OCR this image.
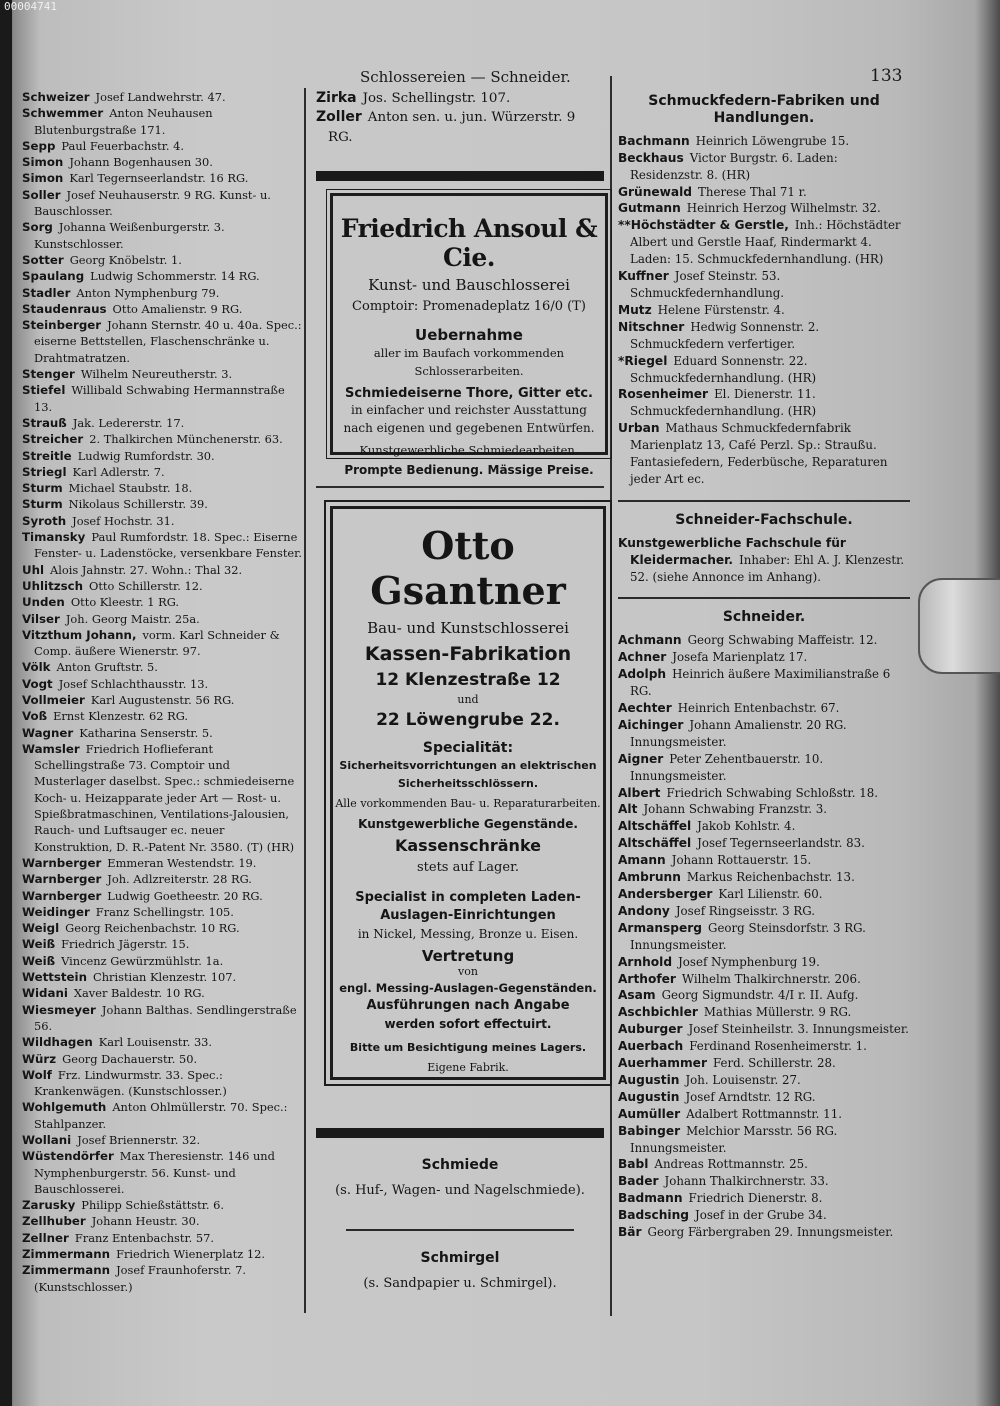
00004741
Schlossereien — Schneider.	133
Schweizer Josef Landwehrstr. 47.
Schwemmer Anton Neuhausen Blutenburgstraße 171.
Sepp Paul Feuerbachstr. 4.
Simon Johann Bogenhausen 30.
Simon Karl Tegernseerlandstr. 16 RG.
Soller Josef Neuhauserstr. 9 RG. Kunst- u. Bauschlosser.
Sorg Johanna Weißenburgerstr. 3. Kunstschlosser.
Sotter Georg Knöbelstr. 1.
Spaulang Ludwig Schommerstr. 14 RG.
Stadler Anton Nymphenburg 79.
Staudenraus Otto Amalienstr. 9 RG.
Steinberger Johann Sternstr. 40 u. 40a. Spec.: eiserne Bettstellen, Flaschenschränke u. Drahtmatratzen.
Stenger Wilhelm Neureutherstr. 3.
Stiefel Willibald Schwabing Hermannstraße 13.
Strauß Jak. Ledererstr. 17.
Streicher 2. Thalkirchen Münchenerstr. 63.
Streitle Ludwig Rumfordstr. 30.
Striegl Karl Adlerstr. 7.
Sturm Michael Staubstr. 18.
Sturm Nikolaus Schillerstr. 39.
Syroth Josef Hochstr. 31.
Timansky Paul Rumfordstr. 18. Spec.: Eiserne Fenster- u. Ladenstöcke, versenkbare Fenster.
Uhl Alois Jahnstr. 27. Wohn.: Thal 32.
Uhlitzsch Otto Schillerstr. 12.
Unden Otto Kleestr. 1 RG.
Vilser Joh. Georg Maistr. 25a.
Vitzthum Johann, vorm. Karl Schneider & Comp. äußere Wienerstr. 97.
Völk Anton Gruftstr. 5.
Vogt Josef Schlachthausstr. 13.
Vollmeier Karl Augustenstr. 56 RG.
Voß Ernst Klenzestr. 62 RG.
Wagner Katharina Senserstr. 5.
Wamsler Friedrich Hoflieferant Schellingstraße 73. Comptoir und Musterlager daselbst. Spec.: schmiedeiserne Koch- u. Heizapparate jeder Art — Rost- u. Spießbratmaschinen, Ventilations-Jalousien, Rauch- und Luftsauger ec. neuer Konstruktion, D. R.-Patent Nr. 3580. (T) (HR)
Warnberger Emmeran Westendstr. 19.
Warnberger Joh. Adlzreiterstr. 28 RG.
Warnberger Ludwig Goetheestr. 20 RG.
Weidinger Franz Schellingstr. 105.
Weigl Georg Reichenbachstr. 10 RG.
Weiß Friedrich Jägerstr. 15.
Weiß Vincenz Gewürzmühlstr. 1a.
Wettstein Christian Klenzestr. 107.
Widani Xaver Baldestr. 10 RG.
Wiesmeyer Johann Balthas. Sendlingerstraße 56.
Wildhagen Karl Louisenstr. 33.
Würz Georg Dachauerstr. 50.
Wolf Frz. Lindwurmstr. 33. Spec.: Krankenwägen. (Kunstschlosser.)
Wohlgemuth Anton Ohlmüllerstr. 70. Spec.: Stahlpanzer.
Wollani Josef Briennerstr. 32.
Wüstendörfer Max Theresienstr. 146 und Nymphenburgerstr. 56. Kunst- und Bauschlosserei.
Zarusky Philipp Schießstättstr. 6.
Zellhuber Johann Heustr. 30.
Zellner Franz Entenbachstr. 57.
Zimmermann Friedrich Wienerplatz 12.
Zimmermann Josef Fraunhoferstr. 7. (Kunstschlosser.)
Zirka Jos. Schellingstr. 107.
Zoller Anton sen. u. jun. Würzerstr. 9 RG.
Friedrich Ansoul & Cie.
Kunst- und Bauschlosserei
Comptoir: Promenadeplatz 16/0 (T)
Uebernahme
aller im Baufach vorkommenden Schlosserarbeiten.
Schmiedeiserne Thore, Gitter etc.
in einfacher und reichster Ausstattung
nach eigenen und gegebenen Entwürfen.
Kunstgewerbliche Schmiedearbeiten.
Prompte Bedienung. Mässige Preise.
Otto Gsantner
Bau- und Kunstschlosserei
Kassen-Fabrikation
12 Klenzestraße 12
und
22 Löwengrube 22.
Specialität:
Sicherheitsvorrichtungen an elektrischen
Sicherheitsschlössern.
Alle vorkommenden Bau- u. Reparaturarbeiten.
Kunstgewerbliche Gegenstände.
Kassenschränke
stets auf Lager.
Specialist in completen Laden-
Auslagen-Einrichtungen
in Nickel, Messing, Bronze u. Eisen.
Vertretung
von
engl. Messing-Auslagen-Gegenständen.
Ausführungen nach Angabe
werden sofort effectuirt.
Bitte um Besichtigung meines Lagers.
Eigene Fabrik.
Schmiede
(s. Huf-, Wagen- und Nagelschmiede).
Schmirgel
(s. Sandpapier u. Schmirgel).
Schmuckfedern-Fabriken und
Handlungen.
Bachmann Heinrich Löwengrube 15.
Beckhaus Victor Burgstr. 6. Laden: Residenzstr. 8. (HR)
Grünewald Therese Thal 71 r.
Gutmann Heinrich Herzog Wilhelmstr. 32.
**Höchstädter & Gerstle, Inh.: Höchstädter Albert und Gerstle Haaf, Rindermarkt 4. Laden: 15. Schmuckfedernhandlung. (HR)
Kuffner Josef Steinstr. 53. Schmuckfedernhandlung.
Mutz Helene Fürstenstr. 4.
Nitschner Hedwig Sonnenstr. 2. Schmuckfedern verfertiger.
*Riegel Eduard Sonnenstr. 22. Schmuckfedernhandlung. (HR)
Rosenheimer El. Dienerstr. 11. Schmuckfedernhandlung. (HR)
Urban Mathaus Schmuckfedernfabrik Marienplatz 13, Café Perzl. Sp.: Straußu. Fantasiefedern, Federbüsche, Reparaturen jeder Art ec.
Schneider-Fachschule.
Kunstgewerbliche Fachschule für Kleidermacher. Inhaber: Ehl A. J. Klenzestr. 52. (siehe Annonce im Anhang).
Schneider.
Achmann Georg Schwabing Maffeistr. 12.
Achner Josefa Marienplatz 17.
Adolph Heinrich äußere Maximilianstraße 6 RG.
Aechter Heinrich Entenbachstr. 67.
Aichinger Johann Amalienstr. 20 RG. Innungsmeister.
Aigner Peter Zehentbauerstr. 10. Innungsmeister.
Albert Friedrich Schwabing Schloßstr. 18.
Alt Johann Schwabing Franzstr. 3.
Altschäffel Jakob Kohlstr. 4.
Altschäffel Josef Tegernseerlandstr. 83.
Amann Johann Rottauerstr. 15.
Ambrunn Markus Reichenbachstr. 13.
Andersberger Karl Lilienstr. 60.
Andony Josef Ringseisstr. 3 RG.
Armansperg Georg Steinsdorfstr. 3 RG. Innungsmeister.
Arnhold Josef Nymphenburg 19.
Arthofer Wilhelm Thalkirchnerstr. 206.
Asam Georg Sigmundstr. 4/I r. II. Aufg.
Aschbichler Mathias Müllerstr. 9 RG.
Auburger Josef Steinheilstr. 3. Innungsmeister.
Auerbach Ferdinand Rosenheimerstr. 1.
Auerhammer Ferd. Schillerstr. 28.
Augustin Joh. Louisenstr. 27.
Augustin Josef Arndtstr. 12 RG.
Aumüller Adalbert Rottmannstr. 11.
Babinger Melchior Marsstr. 56 RG. Innungsmeister.
Babl Andreas Rottmannstr. 25.
Bader Johann Thalkirchnerstr. 33.
Badmann Friedrich Dienerstr. 8.
Badsching Josef in der Grube 34.
Bär Georg Färbergraben 29. Innungsmeister.
